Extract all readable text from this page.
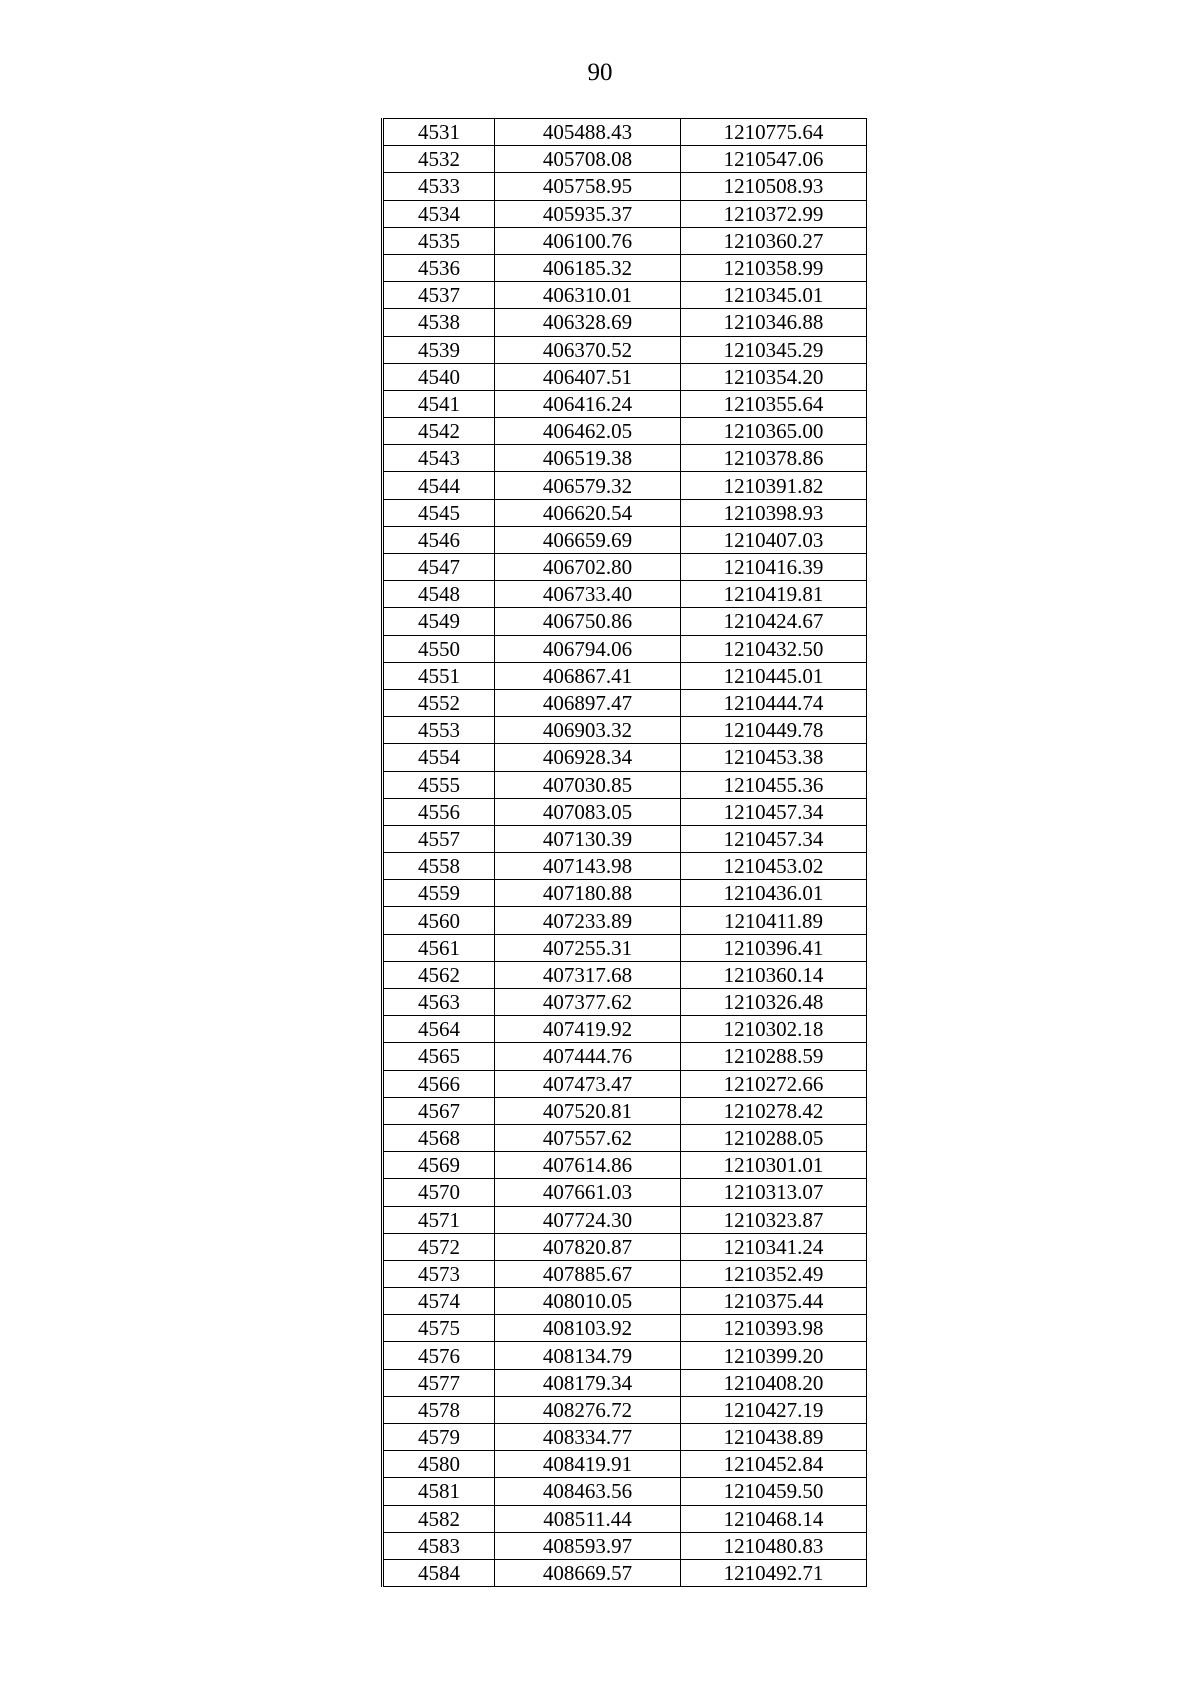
90
4531	405488.43	1210775.64
4532	405708.08	1210547.06
4533	405758.95	1210508.93
4534	405935.37	1210372.99
4535	406100.76	1210360.27
4536	406185.32	1210358.99
4537	406310.01	1210345.01
4538	406328.69	1210346.88
4539	406370.52	1210345.29
4540	406407.51	1210354.20
4541	406416.24	1210355.64
4542	406462.05	1210365.00
4543	406519.38	1210378.86
4544	406579.32	1210391.82
4545	406620.54	1210398.93
4546	406659.69	1210407.03
4547	406702.80	1210416.39
4548	406733.40	1210419.81
4549	406750.86	1210424.67
4550	406794.06	1210432.50
4551	406867.41	1210445.01
4552	406897.47	1210444.74
4553	406903.32	1210449.78
4554	406928.34	1210453.38
4555	407030.85	1210455.36
4556	407083.05	1210457.34
4557	407130.39	1210457.34
4558	407143.98	1210453.02
4559	407180.88	1210436.01
4560	407233.89	1210411.89
4561	407255.31	1210396.41
4562	407317.68	1210360.14
4563	407377.62	1210326.48
4564	407419.92	1210302.18
4565	407444.76	1210288.59
4566	407473.47	1210272.66
4567	407520.81	1210278.42
4568	407557.62	1210288.05
4569	407614.86	1210301.01
4570	407661.03	1210313.07
4571	407724.30	1210323.87
4572	407820.87	1210341.24
4573	407885.67	1210352.49
4574	408010.05	1210375.44
4575	408103.92	1210393.98
4576	408134.79	1210399.20
4577	408179.34	1210408.20
4578	408276.72	1210427.19
4579	408334.77	1210438.89
4580	408419.91	1210452.84
4581	408463.56	1210459.50
4582	408511.44	1210468.14
4583	408593.97	1210480.83
4584	408669.57	1210492.71
